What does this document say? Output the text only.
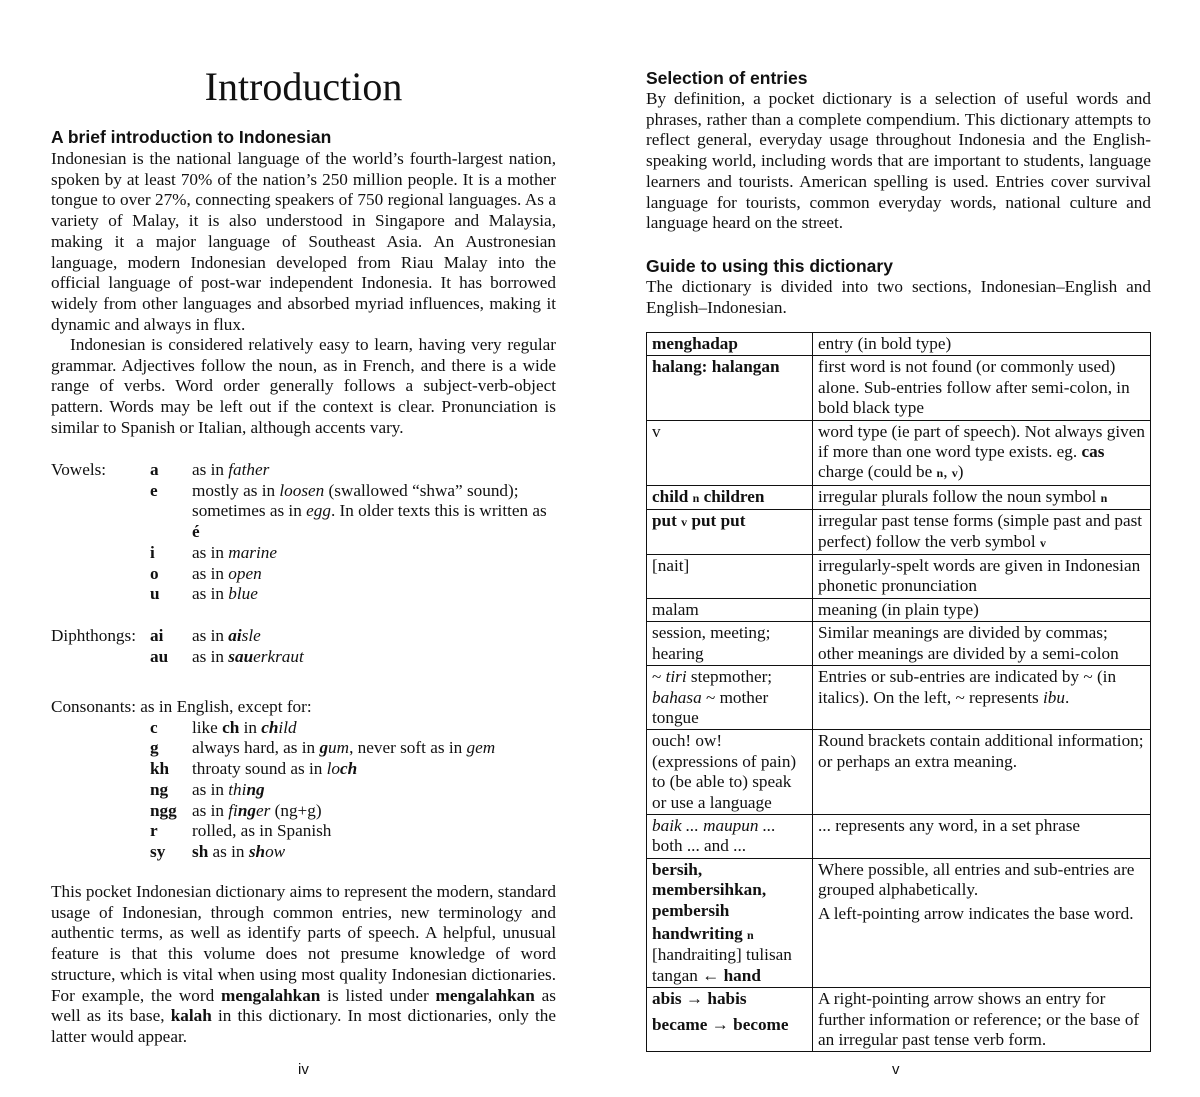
Introduction

A brief introduction to Indonesian

Indonesian is the national language of the world’s fourth-largest nation, spoken by at least 70% of the nation’s 250 million people. It is a mother tongue to over 27%, connecting speakers of 750 regional languages. As a variety of Malay, it is also understood in Singapore and Malaysia, making it a major language of Southeast Asia. An Austronesian language, modern Indonesian developed from Riau Malay into the official language of post-war independent Indonesia. It has borrowed widely from other languages and absorbed myriad influences, making it dynamic and always in flux.

Indonesian is considered relatively easy to learn, having very regular grammar. Adjectives follow the noun, as in French, and there is a wide range of verbs. Word order generally follows a subject-verb-object pattern. Words may be left out if the context is clear. Pronunciation is similar to Spanish or Italian, although accents vary.

Vowels:	a	as in father
e	mostly as in loosen (swallowed “shwa” sound); sometimes as in egg. In older texts this is written as é
i	as in marine
o	as in open
u	as in blue
Diphthongs: ai	as in aisle
au	as in sauerkraut
Consonants: as in English, except for:
c	like ch in child
g	always hard, as in gum, never soft as in gem
kh	throaty sound as in loch
ng	as in thing
ngg as in finger (ng+g)
r	rolled, as in Spanish
sy	sh as in show

This pocket Indonesian dictionary aims to represent the modern, standard usage of Indonesian, through common entries, new terminology and authentic terms, as well as identify parts of speech. A helpful, unusual feature is that this volume does not presume knowledge of word structure, which is vital when using most quality Indonesian dictionaries. For example, the word mengalahkan is listed under mengalahkan as well as its base, kalah in this dictionary. In most dictionaries, only the latter would appear.

iv

Selection of entries

By definition, a pocket dictionary is a selection of useful words and phrases, rather than a complete compendium. This dictionary attempts to reflect general, everyday usage throughout Indonesia and the English-speaking world, including words that are important to students, language learners and tourists. American spelling is used. Entries cover survival language for tourists, common everyday words, national culture and language heard on the street.

Guide to using this dictionary

The dictionary is divided into two sections, Indonesian–English and English–Indonesian.

menghadap	entry (in bold type)
halang: halangan	first word is not found (or commonly used) alone. Sub-entries follow after semi-colon, in bold black type
v	word type (ie part of speech). Not always given if more than one word type exists. eg. cas charge (could be n, v)
child n children	irregular plurals follow the noun symbol n
put v put put	irregular past tense forms (simple past and past perfect) follow the verb symbol v
[nait]	irregularly-spelt words are given in Indonesian phonetic pronunciation
malam	meaning (in plain type)
session, meeting; hearing	Similar meanings are divided by commas; other meanings are divided by a semi-colon
~ tiri stepmother; bahasa ~ mother tongue	Entries or sub-entries are indicated by ~ (in italics). On the left, ~ represents ibu.

ouch! ow! (expressions of pain)
to (be able to) speak or use a language	Round brackets contain additional information; or perhaps an extra meaning.

baik ... maupun ...
both ... and ...	... represents any word, in a set phrase

bersih, membersihkan, pembersih
handwriting n
[handraiting] tulisan tangan ← hand	Where possible, all entries and sub-entries are grouped alphabetically.
A left-pointing arrow indicates the base word.

abis → habis
became → become	A right-pointing arrow shows an entry for further information or reference; or the base of an irregular past tense verb form.
v
